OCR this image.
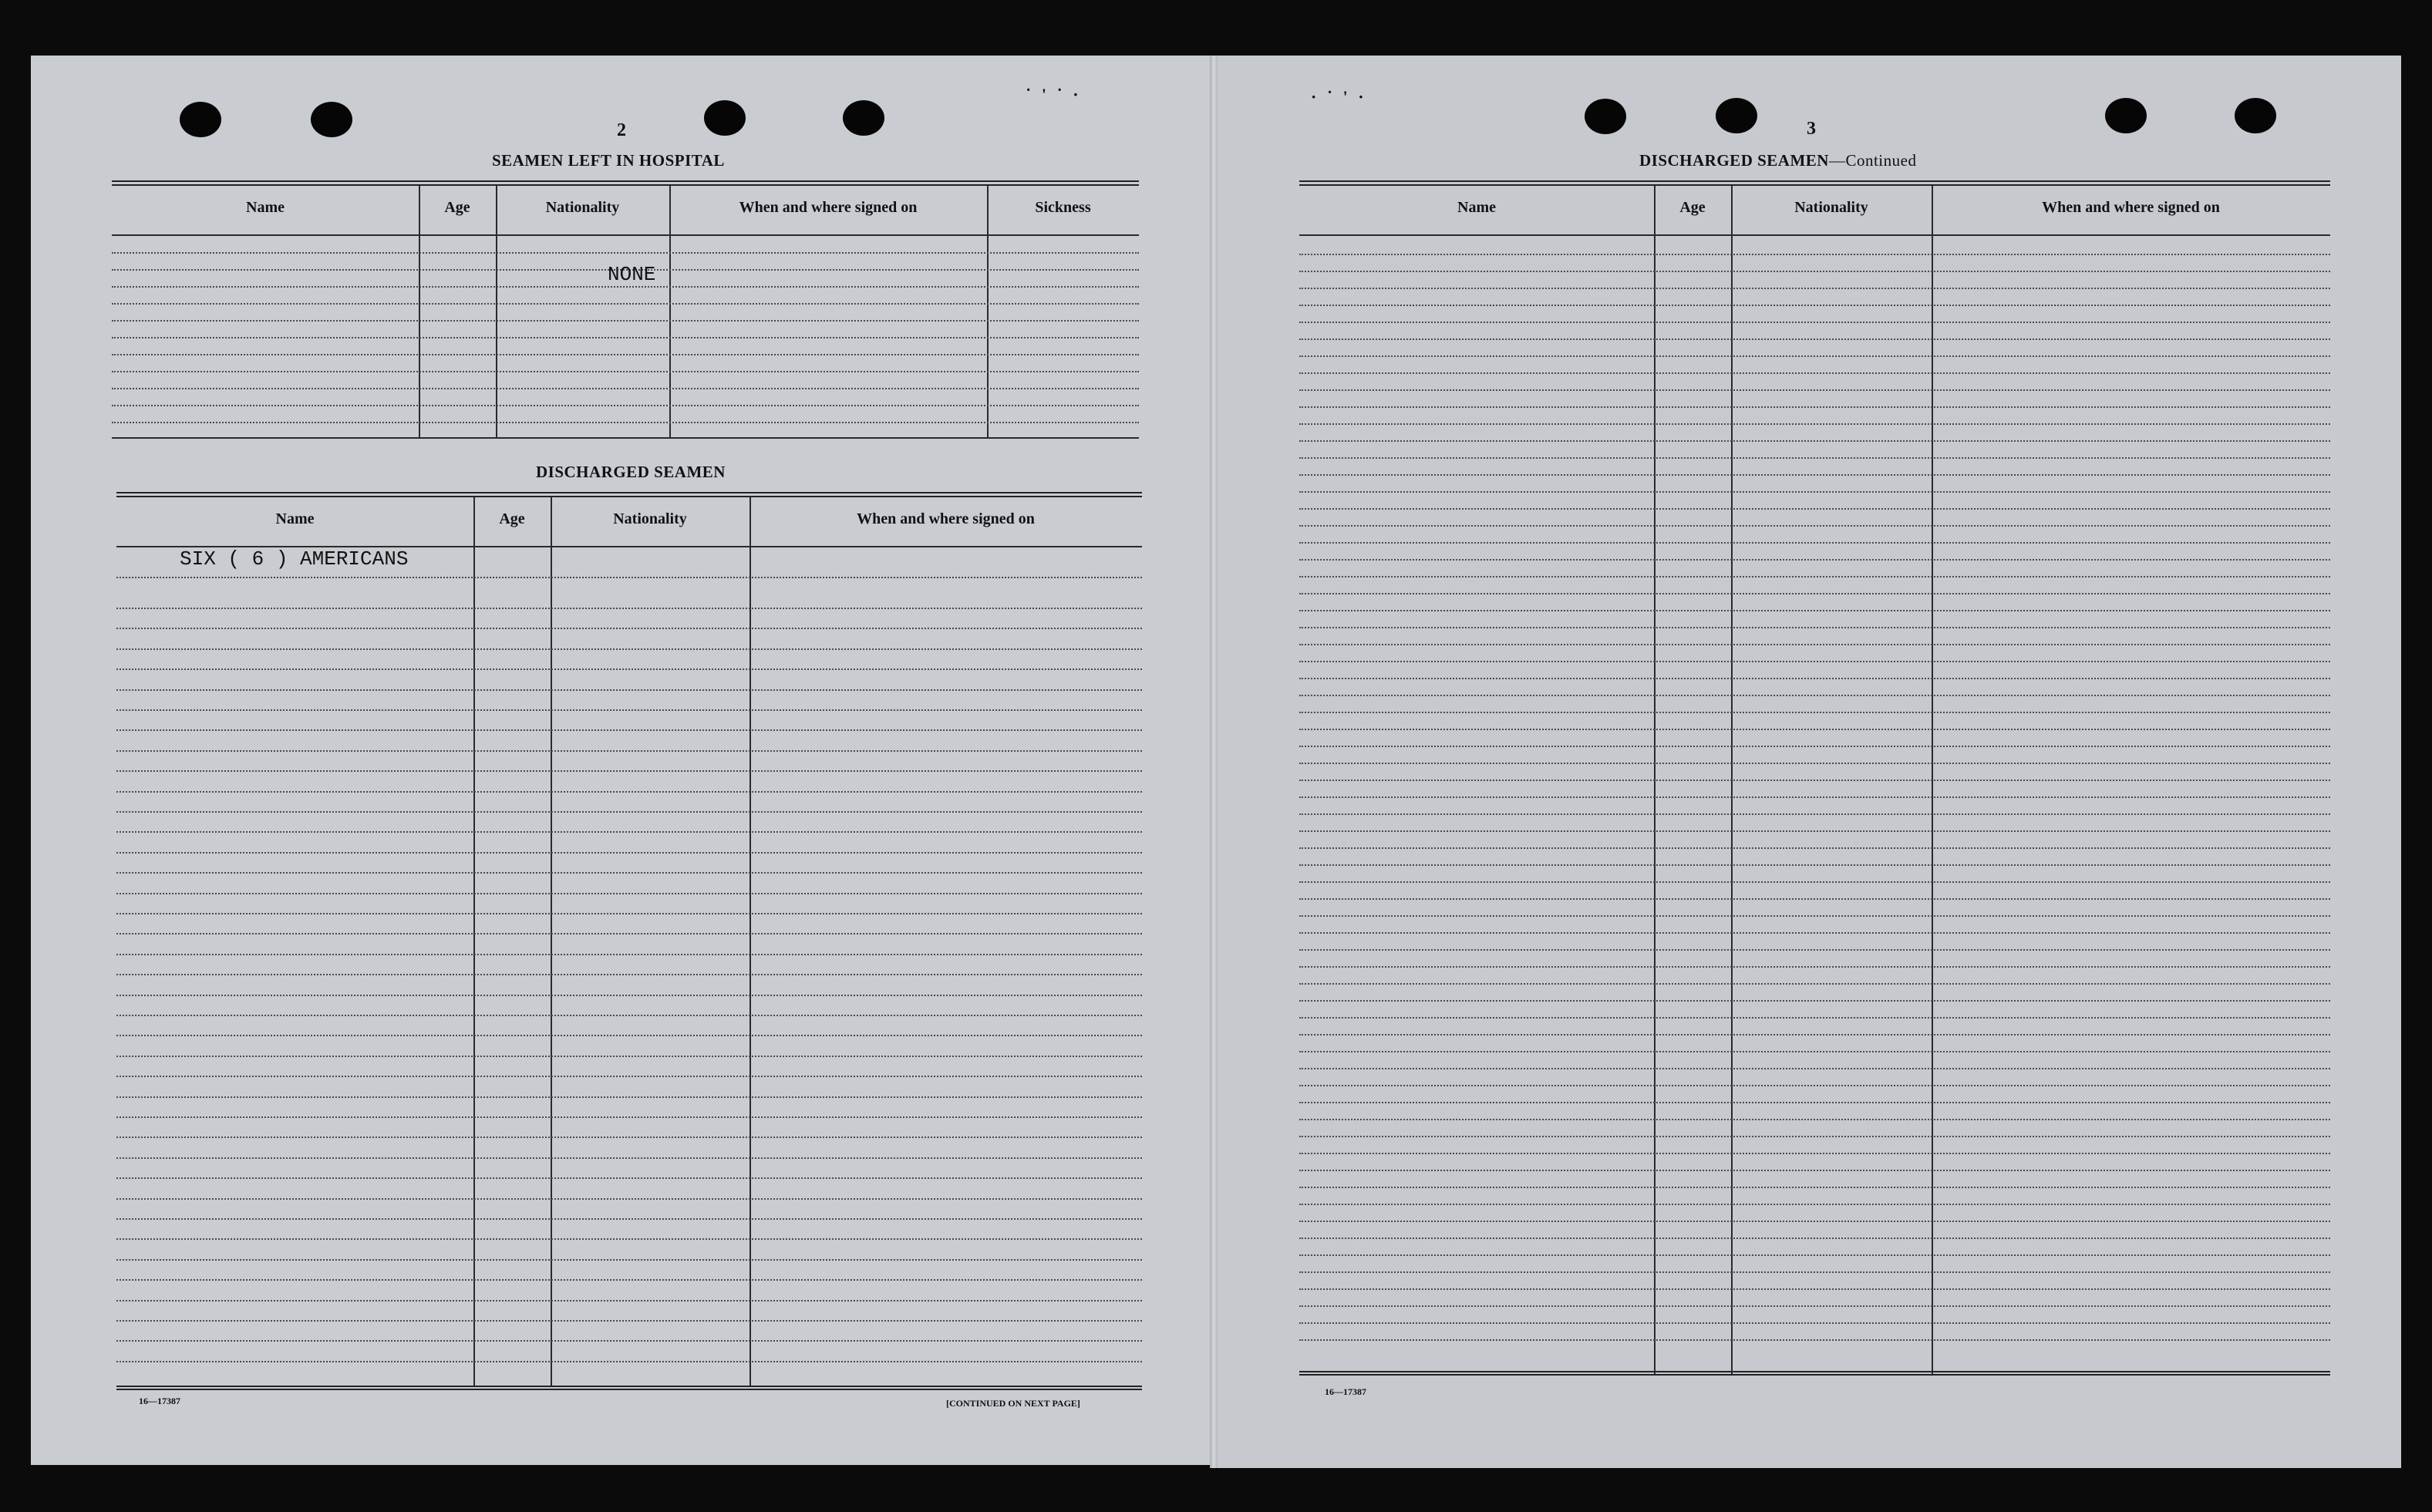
˙ ' ˙ ·	· ˙ ' ·
2
SEAMEN LEFT IN HOSPITAL
Name	Age	Nationality	When and where signed on	Sickness
NONE
DISCHARGED SEAMEN
Name	Age	Nationality	When and where signed on
SIX ( 6 ) AMERICANS
16—17387	[CONTINUED ON NEXT PAGE]
3
DISCHARGED SEAMEN—Continued
Name	Age	Nationality	When and where signed on
16—17387
